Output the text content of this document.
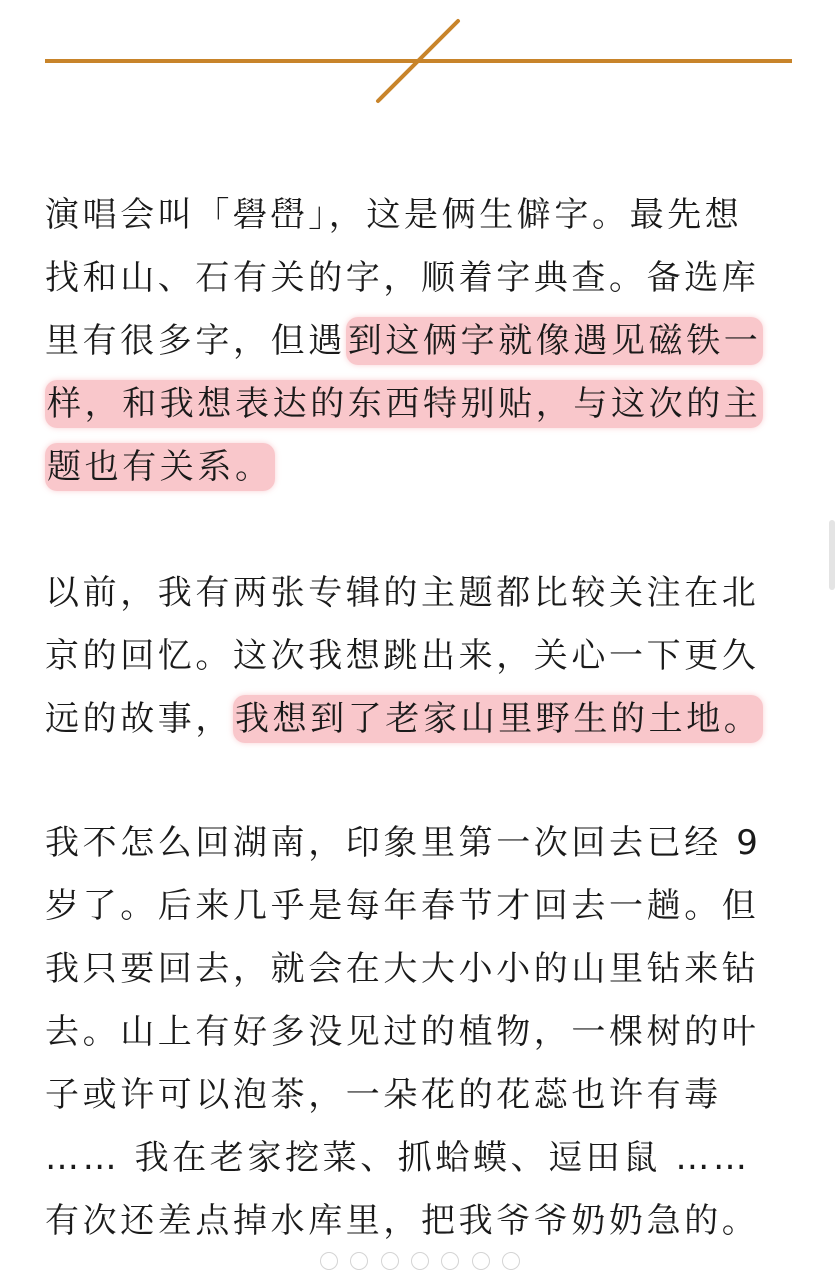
演唱会叫「礐嶨」，这是俩生僻字。最先想
找和山、石有关的字，顺着字典查。备选库
里有很多字，但遇到这俩字就像遇见磁铁一
样，和我想表达的东西特别贴，与这次的主
题也有关系。
以前，我有两张专辑的主题都比较关注在北
京的回忆。这次我想跳出来，关心一下更久
远的故事，我想到了老家山里野生的土地。
我不怎么回湖南，印象里第一次回去已经 9
岁了。后来几乎是每年春节才回去一趟。但
我只要回去，就会在大大小小的山里钻来钻
去。山上有好多没见过的植物，一棵树的叶
子或许可以泡茶，一朵花的花蕊也许有毒
…… 我在老家挖菜、抓蛤蟆、逗田鼠 ……
有次还差点掉水库里，把我爷爷奶奶急的。
